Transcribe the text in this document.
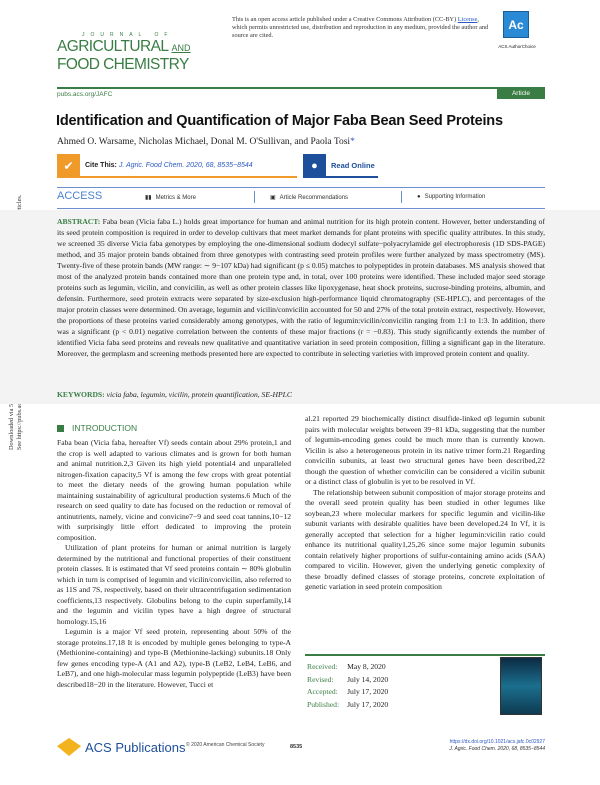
This is an open access article published under a Creative Commons Attribution (CC-BY) License, which permits unrestricted use, distribution and reproduction in any medium, provided the author and source are cited.
Ac
ACS AuthorChoice
JOURNAL OF
AGRICULTURAL AND
FOOD CHEMISTRY
pubs.acs.org/JAFC	Article
Identification and Quantification of Major Faba Bean Seed Proteins
Ahmed O. Warsame, Nicholas Michael, Donal M. O'Sullivan, and Paola Tosi*
✔	Cite This:
J. Agric. Food Chem. 2020, 68, 8535−8544	●	Read Online
ACCESS	▮▮ Metrics & More	▣ Article Recommendations	● Supporting Information
ABSTRACT: Faba bean (Vicia faba L.) holds great importance for human and animal nutrition for its high protein content. However, better understanding of its seed protein composition is required in order to develop cultivars that meet market demands for plant proteins with specific quality attributes. In this study, we screened 35 diverse Vicia faba genotypes by employing the one-dimensional sodium dodecyl sulfate−polyacrylamide gel electrophoresis (1D SDS-PAGE) method, and 35 major protein bands obtained from three genotypes with contrasting seed protein profiles were further analyzed by mass spectrometry (MS). Twenty-five of these protein bands (MW range: ∼ 9−107 kDa) had significant (p ≤ 0.05) matches to polypeptides in protein databases. MS analysis showed that most of the analyzed protein bands contained more than one protein type and, in total, over 100 proteins were identified. These included major seed storage proteins such as legumin, vicilin, and convicilin, as well as other protein classes like lipoxygenase, heat shock proteins, sucrose-binding proteins, albumin, and defensin. Furthermore, seed protein extracts were separated by size-exclusion high-performance liquid chromatography (SE-HPLC), and percentages of the major protein classes were determined. On average, legumin and vicilin/convicilin accounted for 50 and 27% of the total protein extract, respectively. However, the proportions of these proteins varied considerably among genotypes, with the ratio of legumin:vicilin/convicilin ranging from 1:1 to 1:3. In addition, there was a significant (p < 0.01) negative correlation between the contents of these major fractions (r = −0.83). This study significantly extends the number of identified Vicia faba seed proteins and reveals new qualitative and quantitative variation in seed protein composition, filling a significant gap in the literature. Moreover, the germplasm and screening methods presented here are expected to contribute in selecting varieties with improved protein content and quality.
KEYWORDS: vicia faba, legumin, vicilin, protein quantification, SE-HPLC
INTRODUCTION

Faba bean (Vicia faba, hereafter Vf) seeds contain about 29% protein,1 and the crop is well adapted to various climates and is grown for both human and animal nutrition.2,3 Given its high yield potential4 and unparalleled nitrogen-fixation capacity,5 Vf is among the few crops with great potential to meet the dietary needs of the growing human population while maintaining sustainability of agricultural production systems.6 Much of the research on seed quality to date has focused on the reduction or removal of antinutrients, namely, vicine and convicine7−9 and seed coat tannins,10−12 with surprisingly little effort dedicated to improving the protein composition.

Utilization of plant proteins for human or animal nutrition is largely determined by the nutritional and functional properties of their constituent protein classes. It is estimated that Vf seed proteins contain ∼ 80% globulin which in turn is comprised of legumin and vicilin/convicilin, also referred to as 11S and 7S, respectively, based on their ultracentrifugation sedimentation coefficients,13 respectively. Globulins belong to the cupin superfamily,14 and the legumin and vicilin types have a high degree of structural homology.15,16

Legumin is a major Vf seed protein, representing about 50% of the storage proteins.17,18 It is encoded by multiple genes belonging to type-A (Methionine-containing) and type-B (Methionine-lacking) subunits.18 Only few genes encoding type-A (A1 and A2), type-B (LeB2, LeB4, LeB6, and LeB7), and one high-molecular mass legumin polypeptide (LeB3) have been described18−20 in the literature. However, Tucci et

al.21 reported 29 biochemically distinct disulfide-linked αβ legumin subunit pairs with molecular weights between 39−81 kDa, suggesting that the number of legumin-encoding genes could be much more than is currently known. Vicilin is also a heterogeneous protein in its native trimer form.21 Regarding convicilin subunits, at least two structural genes have been described,22 though the question of whether convicilin can be considered a vicilin subunit or a distinct class of globulin is yet to be resolved in Vf.

The relationship between subunit composition of major storage proteins and the overall seed protein quality has been studied in other legumes like soybean,23 where molecular markers for specific legumin and vicilin-like subunit variants with desirable qualities have been developed.24 In Vf, it is generally accepted that selection for a higher legumin:vicilin ratio could enhance its nutritional quality1,25,26 since some major legumin subunits contain relatively higher proportions of sulfur-containing amino acids (SAA) compared to vicilin. However, given the underlying genetic complexity of these broadly defined classes of storage proteins, concrete exploitation of genetic variation in seed protein composition

Received:	May 8, 2020
Revised:	July 14, 2020
Accepted:	July 17, 2020
Published:	July 17, 2020
ACS Publications © 2020 American Chemical Society	8535
https://dx.doi.org/10.1021/acs.jafc.0c02927
J. Agric. Food Chem. 2020, 68, 8535−8544
